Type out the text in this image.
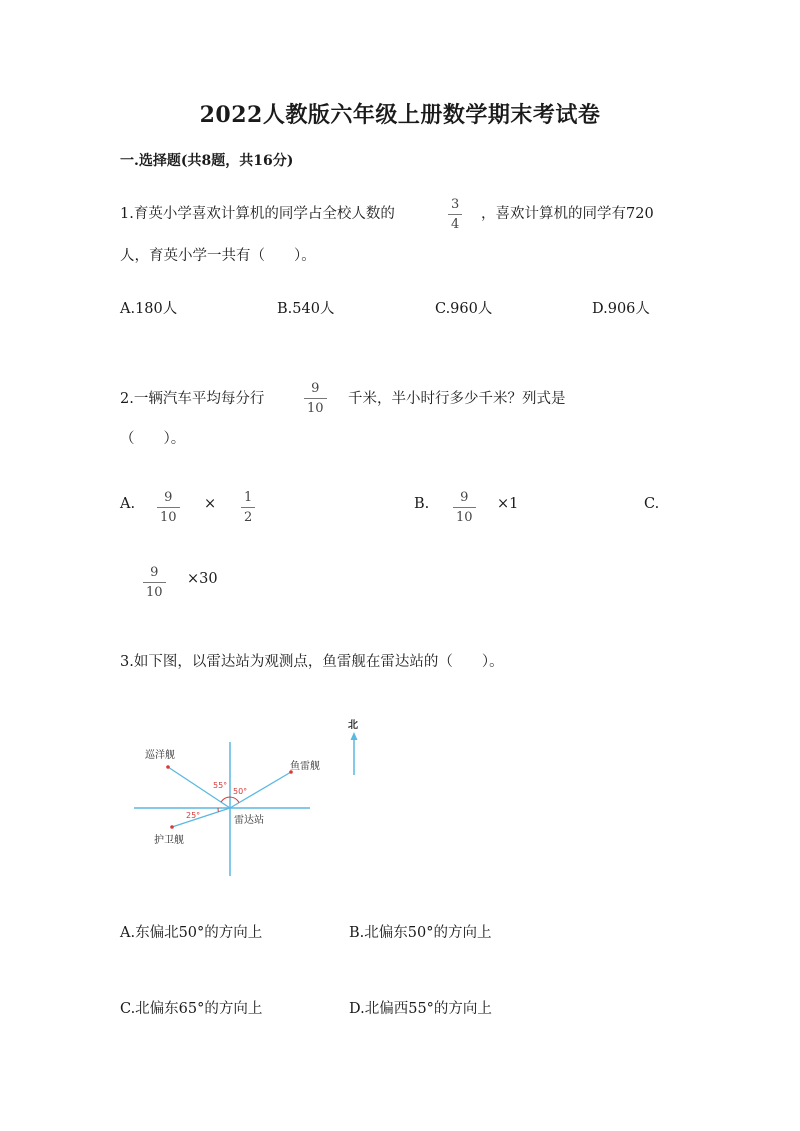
2022人教版六年级上册数学期末考试卷
一.选择题(共8题，共16分)
1.育英小学喜欢计算机的同学占全校人数的
3
4
，喜欢计算机的同学有720
人，育英小学一共有（　　）。
A.180人	B.540人	C.960人	D.906人
2.一辆汽车平均每分行
9
10
千米，半小时行多少千米？列式是
（　　）。
A. 9
10
× 1
2
B. 9
10
×1	C.
9
10
×30
3.如下图，以雷达站为观测点，鱼雷舰在雷达站的（　　）。
55°
50°
25°
巡洋舰
鱼雷舰
雷达站
护卫舰
北
A.东偏北50°的方向上	B.北偏东50°的方向上
C.北偏东65°的方向上	D.北偏西55°的方向上
